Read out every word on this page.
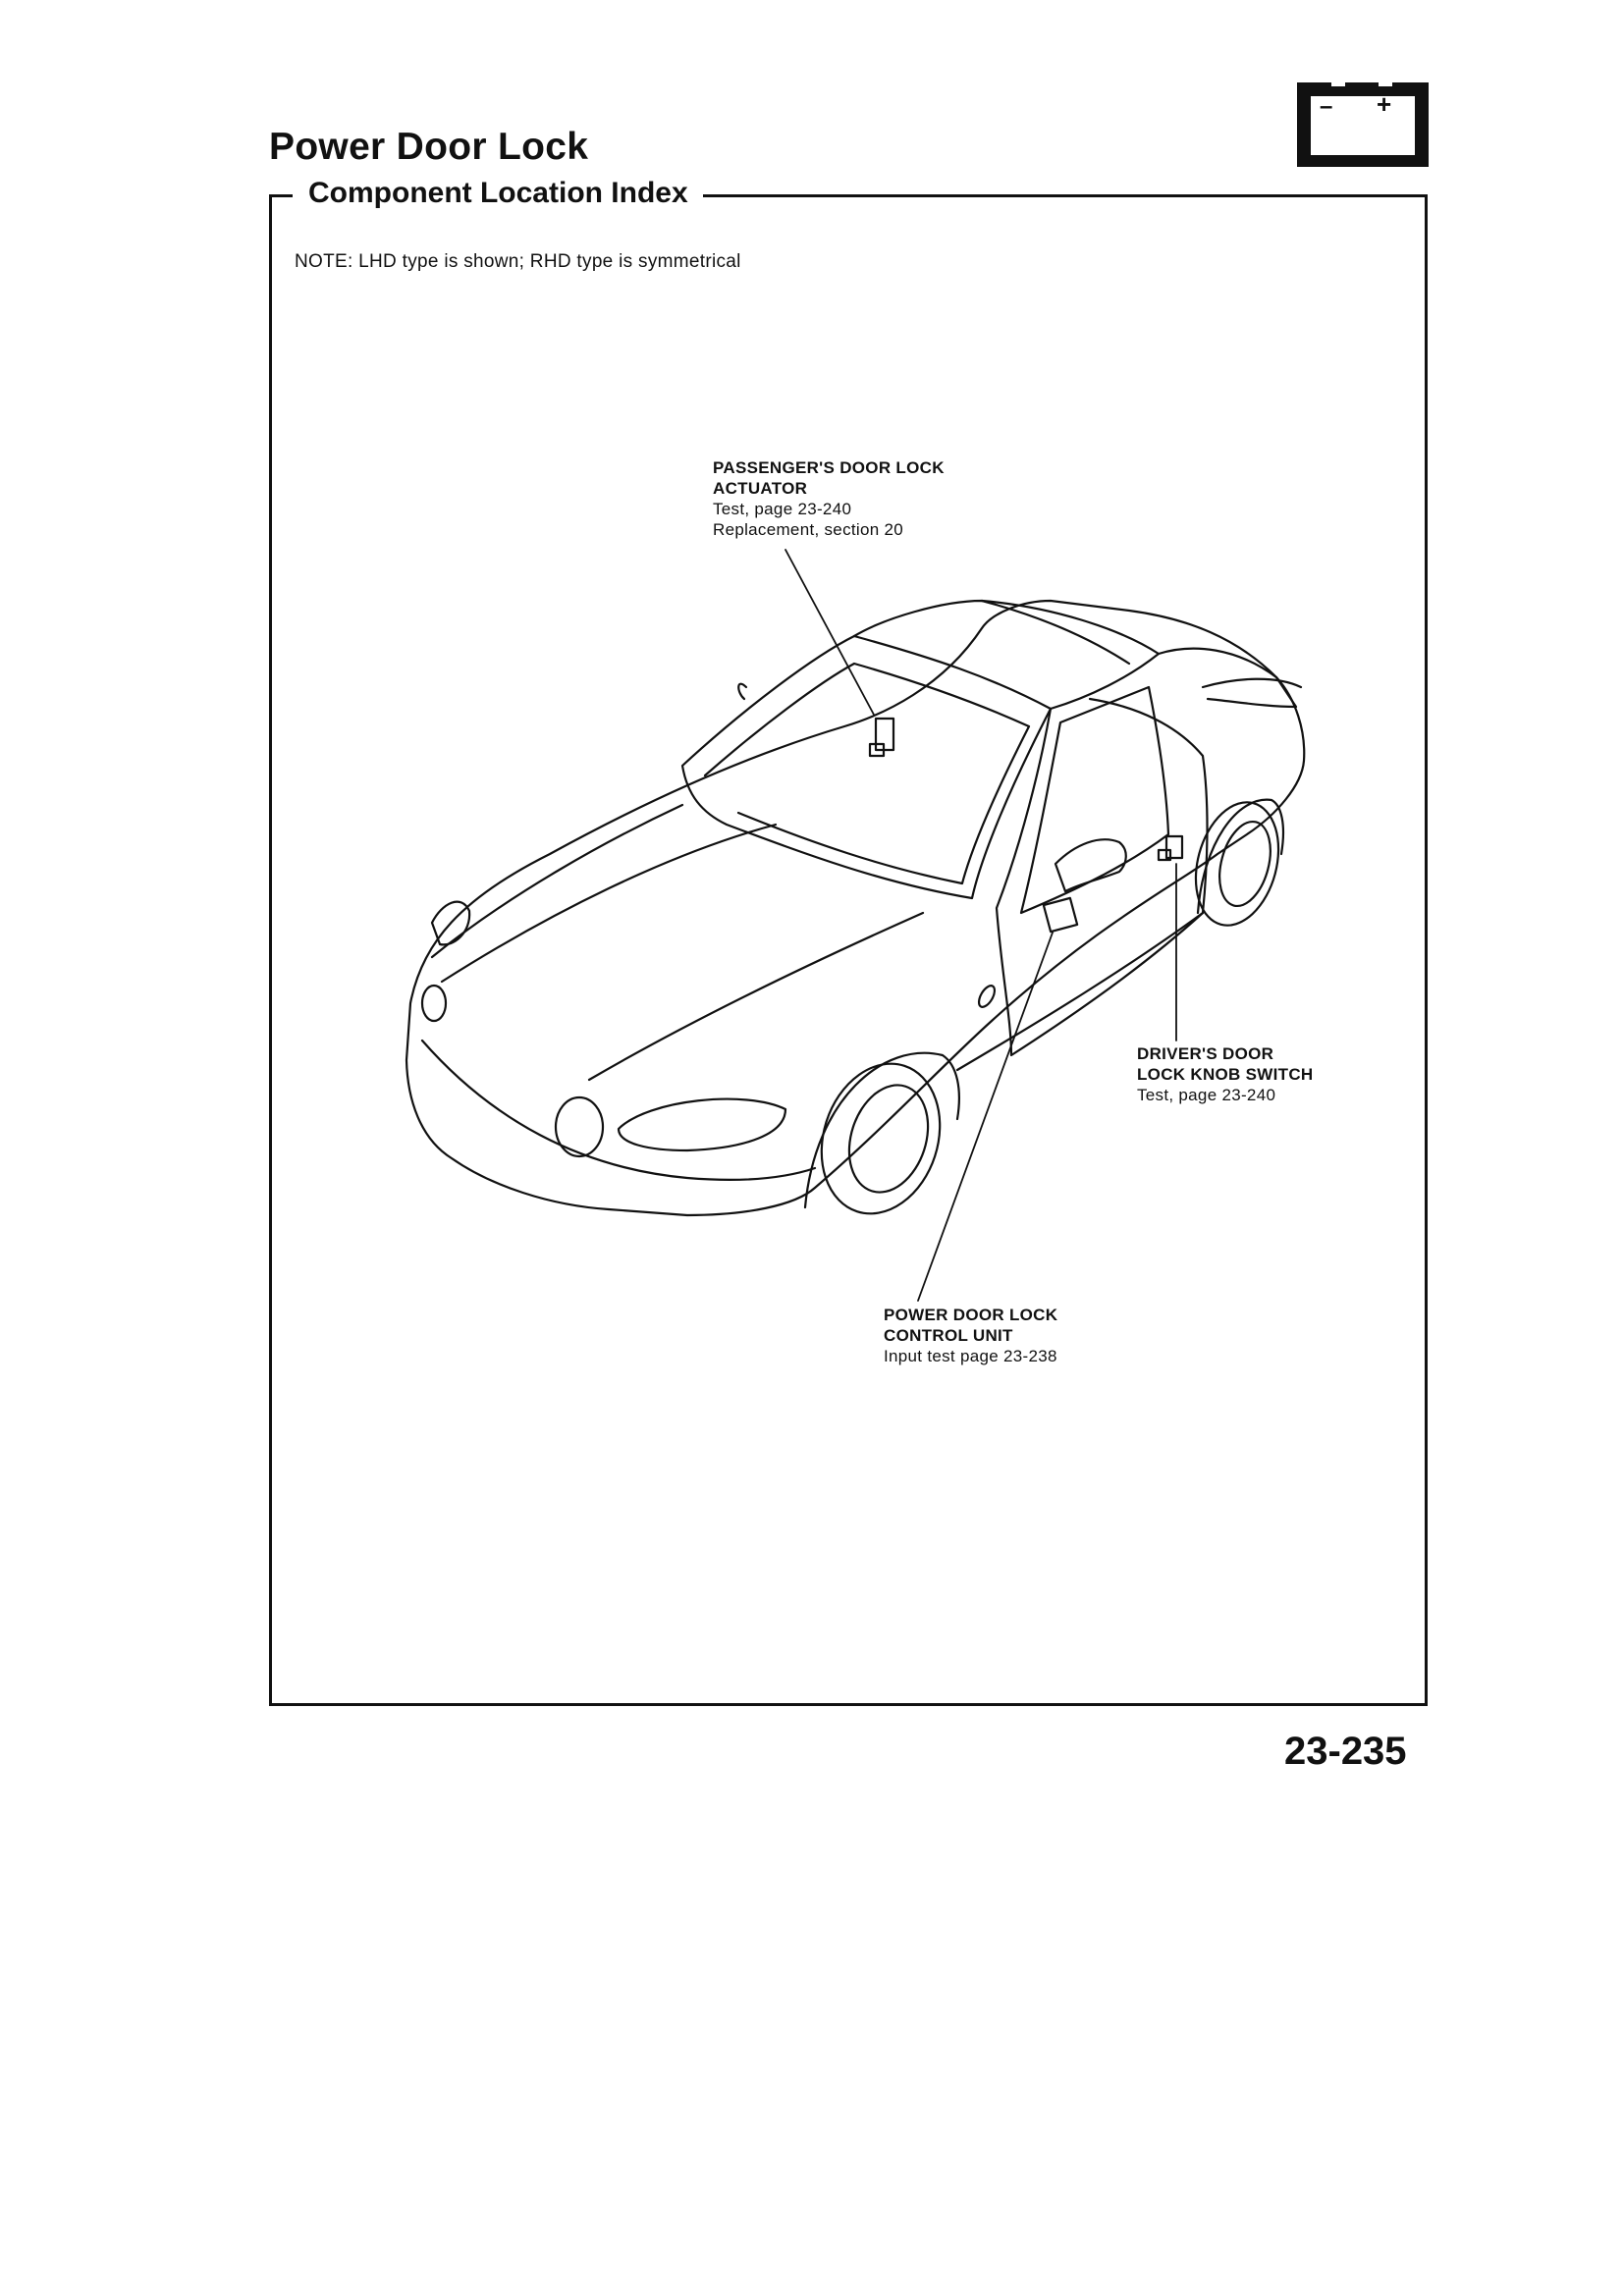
– +
Power Door Lock
Component Location Index
NOTE: LHD type is shown; RHD type is symmetrical
PASSENGER'S DOOR LOCK
ACTUATOR
Test, page 23-240
Replacement, section 20
DRIVER'S DOOR
LOCK KNOB SWITCH
Test, page 23-240
POWER DOOR LOCK
CONTROL UNIT
Input test page 23-238
23-235
